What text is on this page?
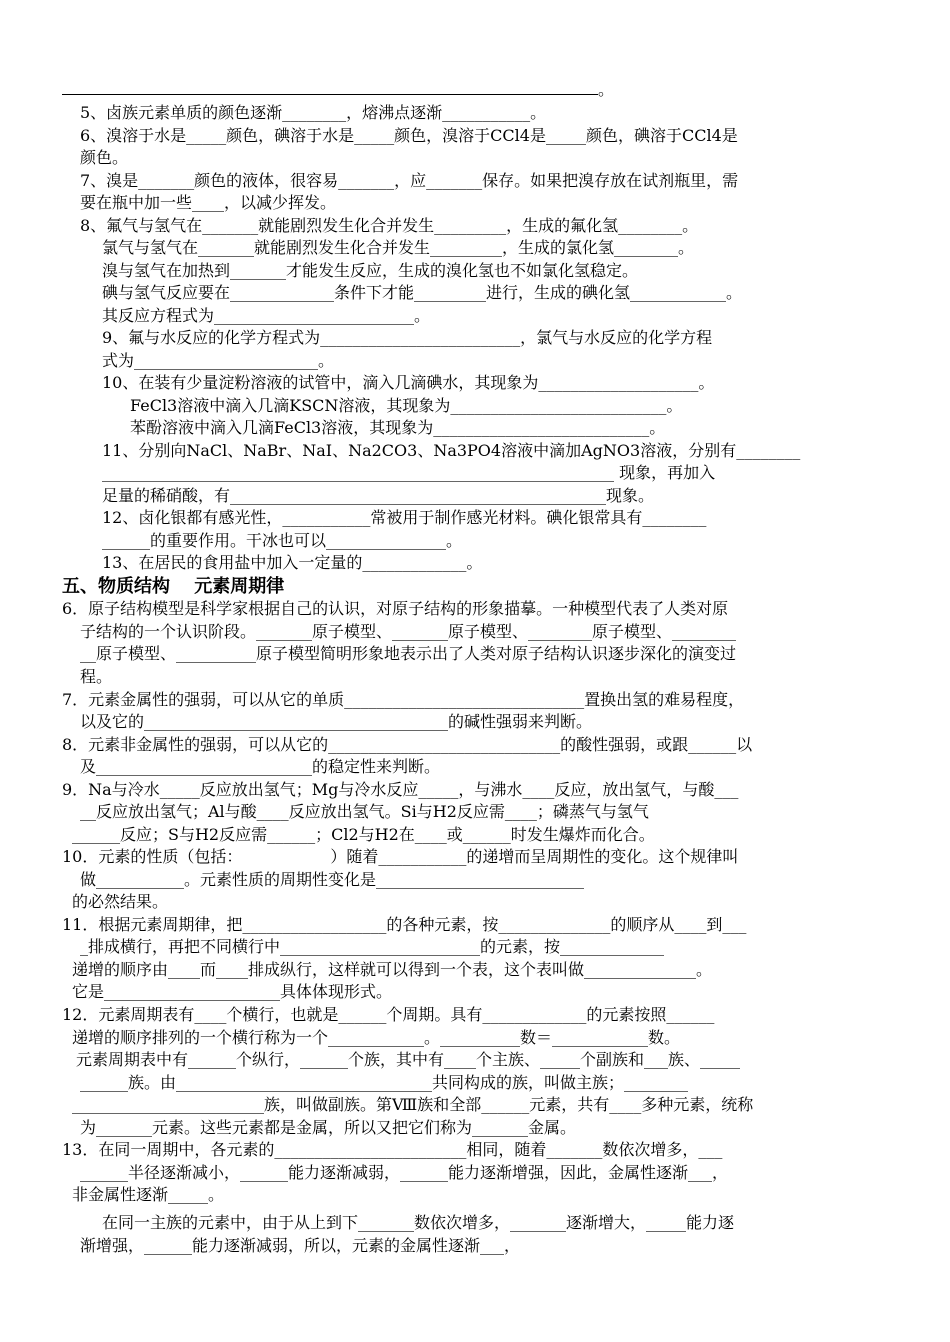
。
5、卤族元素单质的颜色逐渐________，熔沸点逐渐___________。
6、溴溶于水是_____颜色，碘溶于水是_____颜色，溴溶于CCl4是_____颜色，碘溶于CCl4是
颜色。
7、溴是_______颜色的液体，很容易_______，应_______保存。如果把溴存放在试剂瓶里，需
要在瓶中加一些____，以减少挥发。
8、氟气与氢气在_______就能剧烈发生化合并发生_________，生成的氟化氢________。
氯气与氢气在_______就能剧烈发生化合并发生_________，生成的氯化氢________。
溴与氢气在加热到_______才能发生反应，生成的溴化氢也不如氯化氢稳定。
碘与氢气反应要在_____________条件下才能_________进行，生成的碘化氢____________。
其反应方程式为_________________________。
9、氟与水反应的化学方程式为_________________________，氯气与水反应的化学方程
式为_______________________。
10、在装有少量淀粉溶液的试管中，滴入几滴碘水，其现象为____________________。
FeCl3溶液中滴入几滴KSCN溶液，其现象为___________________________。
苯酚溶液中滴入几滴FeCl3溶液，其现象为___________________________。
11、分别向NaCl、NaBr、NaI、Na2CO3、Na3PO4溶液中滴加AgNO3溶液，分别有________
________________________________________________________________ 现象，再加入
足量的稀硝酸，有_______________________________________________现象。
12、卤化银都有感光性，___________常被用于制作感光材料。碘化银常具有________
______的重要作用。干冰也可以_______________。
13、在居民的食用盐中加入一定量的_____________。
五、物质结构　 元素周期律
6．原子结构模型是科学家根据自己的认识，对原子结构的形象描摹。一种模型代表了人类对原
子结构的一个认识阶段。_______原子模型、_______原子模型、________原子模型、________
__原子模型、__________原子模型简明形象地表示出了人类对原子结构认识逐步深化的演变过
程。
7．元素金属性的强弱，可以从它的单质______________________________置换出氢的难易程度，
以及它的______________________________________的碱性强弱来判断。
8．元素非金属性的强弱，可以从它的_____________________________的酸性强弱，或跟______以
及___________________________的稳定性来判断。
9．Na与冷水_____反应放出氢气；Mg与冷水反应_____，与沸水____反应，放出氢气，与酸___
__反应放出氢气；Al与酸____反应放出氢气。Si与H2反应需____；磷蒸气与氢气
______反应；S与H2反应需______；Cl2与H2在____或______时发生爆炸而化合。
10．元素的性质（包括：　　　　　　）随着___________的递增而呈周期性的变化。这个规律叫
做___________。元素性质的周期性变化是__________________________
的必然结果。
11．根据元素周期律，把__________________的各种元素，按______________的顺序从____到___
_排成横行，再把不同横行中_________________________的元素，按_____________
递增的顺序由____而____排成纵行，这样就可以得到一个表，这个表叫做______________。
它是______________________具体体现形式。
12．元素周期表有____个横行，也就是______个周期。具有_____________的元素按照______
递增的顺序排列的一个横行称为一个____________。__________数＝____________数。
元素周期表中有______个纵行，______个族，其中有____个主族、_____个副族和___族、_____
______族。由________________________________共同构成的族，叫做主族；________
________________________族，叫做副族。第Ⅷ族和全部______元素，共有____多种元素，统称
为_______元素。这些元素都是金属，所以又把它们称为_______金属。
13．在同一周期中，各元素的________________________相同，随着_______数依次增多，___
______半径逐渐减小，______能力逐渐减弱，______能力逐渐增强，因此，金属性逐渐___，
非金属性逐渐_____。
在同一主族的元素中，由于从上到下_______数依次增多，_______逐渐增大，_____能力逐
渐增强，______能力逐渐减弱，所以，元素的金属性逐渐___，
